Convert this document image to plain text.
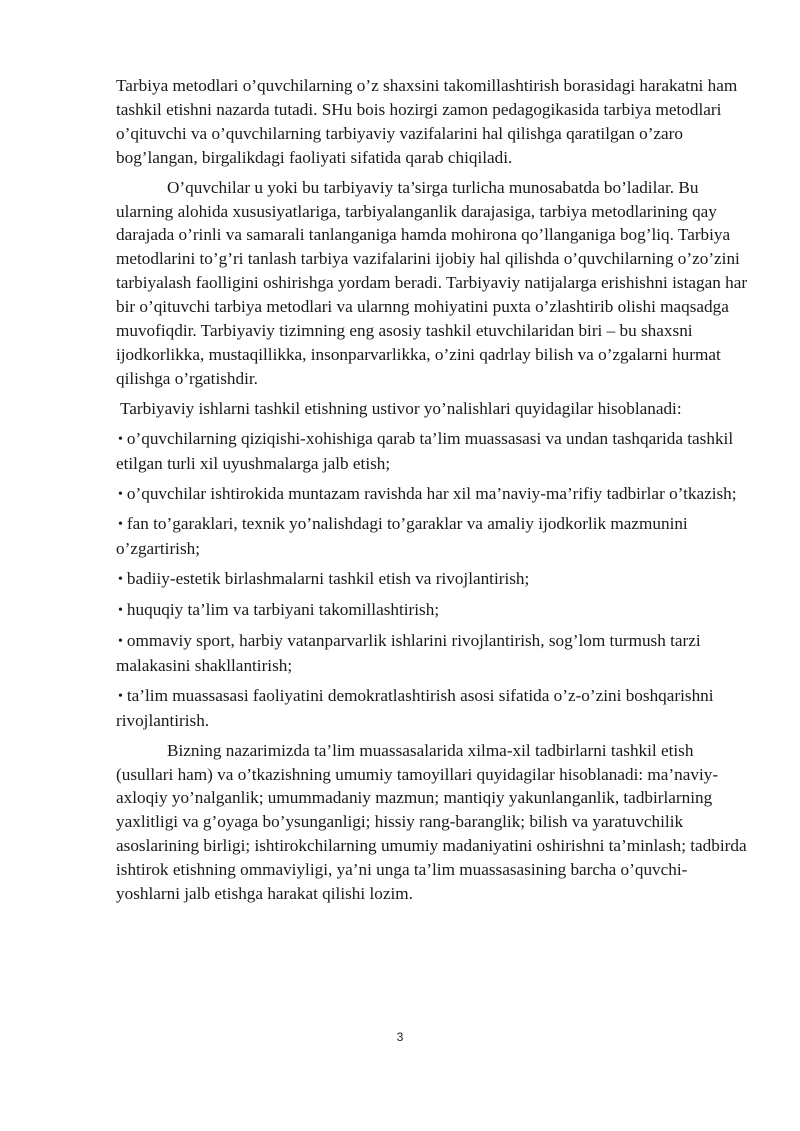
Tarbiya metodlari o’quvchilarning o’z shaxsini takomillashtirish borasidagi harakatni ham tashkil etishni nazarda tutadi. SHu bois hozirgi zamon pedagogikasida tarbiya metodlari o’qituvchi va o’quvchilarning tarbiyaviy vazifalarini hal qilishga qaratilgan o’zaro bog’langan, birgalikdagi faoliyati sifatida qarab chiqiladi.

O’quvchilar u yoki bu tarbiyaviy ta’sirga turlicha munosabatda bo’ladilar. Bu ularning alohida xususiyatlariga, tarbiyalanganlik darajasiga, tarbiya metodlarining qay darajada o’rinli va samarali tanlanganiga hamda mohirona qo’llanganiga bog’liq. Tarbiya metodlarini to’g’ri tanlash tarbiya vazifalarini ijobiy hal qilishda o’quvchilarning o’zo’zini tarbiyalash faolligini oshirishga yordam beradi. Tarbiyaviy natijalarga erishishni istagan har bir o’qituvchi tarbiya metodlari va ularnng mohiyatini puxta o’zlashtirib olishi maqsadga muvofiqdir. Tarbiyaviy tizimning eng asosiy tashkil etuvchilaridan biri – bu shaxsni ijodkorlikka, mustaqillikka, insonparvarlikka, o’zini qadrlay bilish va o’zgalarni hurmat qilishga o’rgatishdir.

Tarbiyaviy ishlarni tashkil etishning ustivor yo’nalishlari quyidagilar hisoblanadi:

• o’quvchilarning qiziqishi-xohishiga qarab ta’lim muassasasi va undan tashqarida tashkil etilgan turli xil uyushmalarga jalb etish;
• o’quvchilar ishtirokida muntazam ravishda har xil ma’naviy-ma’rifiy tadbirlar o’tkazish;
• fan to’garaklari, texnik yo’nalishdagi to’garaklar va amaliy ijodkorlik mazmunini o’zgartirish;
• badiiy-estetik birlashmalarni tashkil etish va rivojlantirish;
• huquqiy ta’lim va tarbiyani takomillashtirish;
• ommaviy sport, harbiy vatanparvarlik ishlarini rivojlantirish, sog’lom turmush tarzi malakasini shakllantirish;
• ta’lim muassasasi faoliyatini demokratlashtirish asosi sifatida o’z-o’zini boshqarishni rivojlantirish.

Bizning nazarimizda ta’lim muassasalarida xilma-xil tadbirlarni tashkil etish (usullari ham) va o’tkazishning umumiy tamoyillari quyidagilar hisoblanadi: ma’naviy-axloqiy yo’nalganlik; umummadaniy mazmun; mantiqiy yakunlanganlik, tadbirlarning yaxlitligi va g’oyaga bo’ysunganligi; hissiy rang-baranglik; bilish va yaratuvchilik asoslarining birligi; ishtirokchilarning umumiy madaniyatini oshirishni ta’minlash; tadbirda ishtirok etishning ommaviyligi, ya’ni unga ta’lim muassasasining barcha o’quvchi-yoshlarni jalb etishga harakat qilishi lozim.

3
